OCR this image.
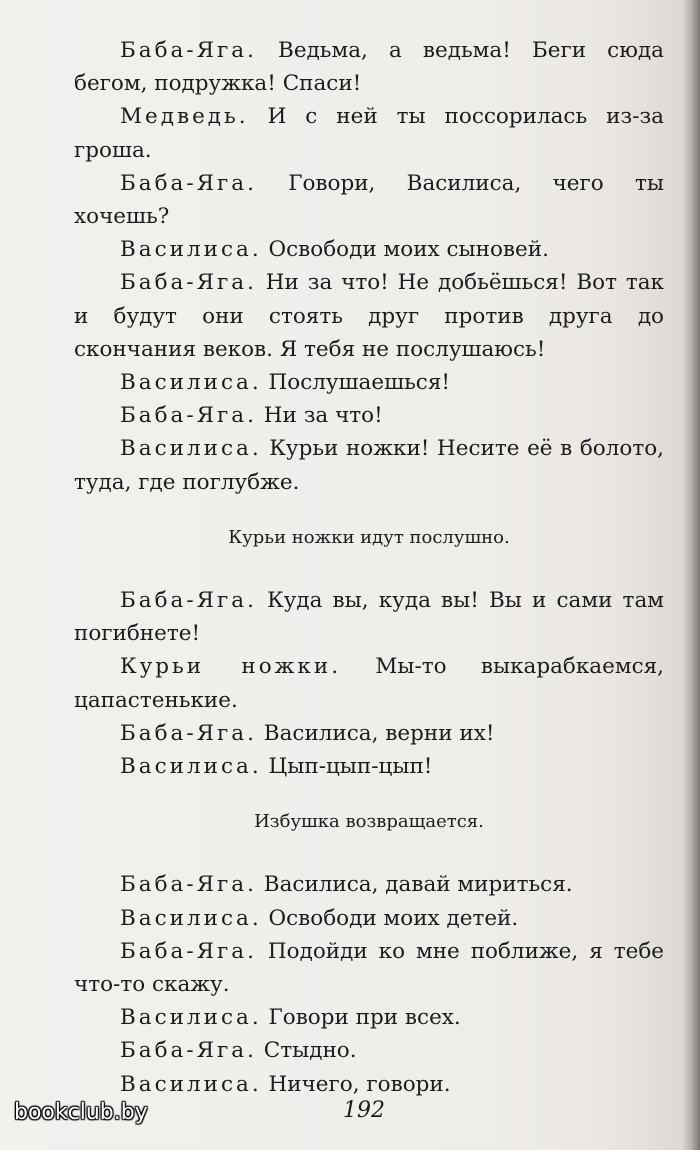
Баба-Яга. Ведьма, а ведьма! Беги сюда бегом, подружка! Спаси!

Медведь. И с ней ты поссорилась из-за гроша.

Баба-Яга. Говори, Василиса, чего ты хочешь?

Василиса. Освободи моих сыновей.

Баба-Яга. Ни за что! Не добьёшься! Вот так и будут они стоять друг против друга до скончания веков. Я тебя не послушаюсь!

Василиса. Послушаешься!

Баба-Яга. Ни за что!

Василиса. Курьи ножки! Несите её в болото, туда, где поглубже.

Курьи ножки идут послушно.

Баба-Яга. Куда вы, куда вы! Вы и сами там погибнете!

Курьи ножки. Мы-то выкарабкаемся, цапастенькие.

Баба-Яга. Василиса, верни их!

Василиса. Цып-цып-цып!

Избушка возвращается.

Баба-Яга. Василиса, давай мириться.

Василиса. Освободи моих детей.

Баба-Яга. Подойди ко мне поближе, я тебе что-то скажу.

Василиса. Говори при всех.

Баба-Яга. Стыдно.

Василиса. Ничего, говори.

bookclub.by	192
